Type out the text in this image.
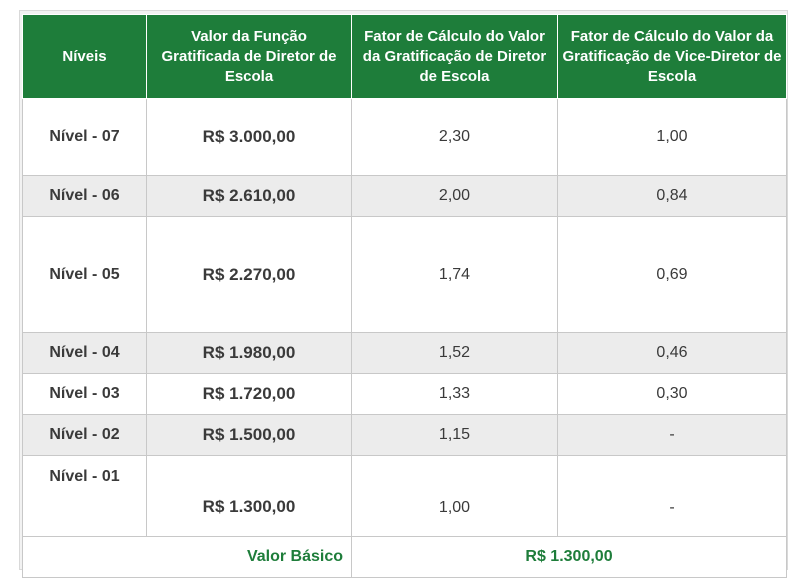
Níveis	Valor da Função Gratificada de Diretor de Escola	Fator de Cálculo do Valor da Gratificação de Diretor de Escola	Fator de Cálculo do Valor da Gratificação de Vice-Diretor de Escola
Nível - 07	R$ 3.000,00	2,30	1,00
Nível - 06	R$ 2.610,00	2,00	0,84
Nível - 05	R$ 2.270,00	1,74	0,69
Nível - 04	R$ 1.980,00	1,52	0,46
Nível - 03	R$ 1.720,00	1,33	0,30
Nível - 02	R$ 1.500,00	1,15	-
Nível - 01	R$ 1.300,00	1,00	-
Valor Básico		R$ 1.300,00	
